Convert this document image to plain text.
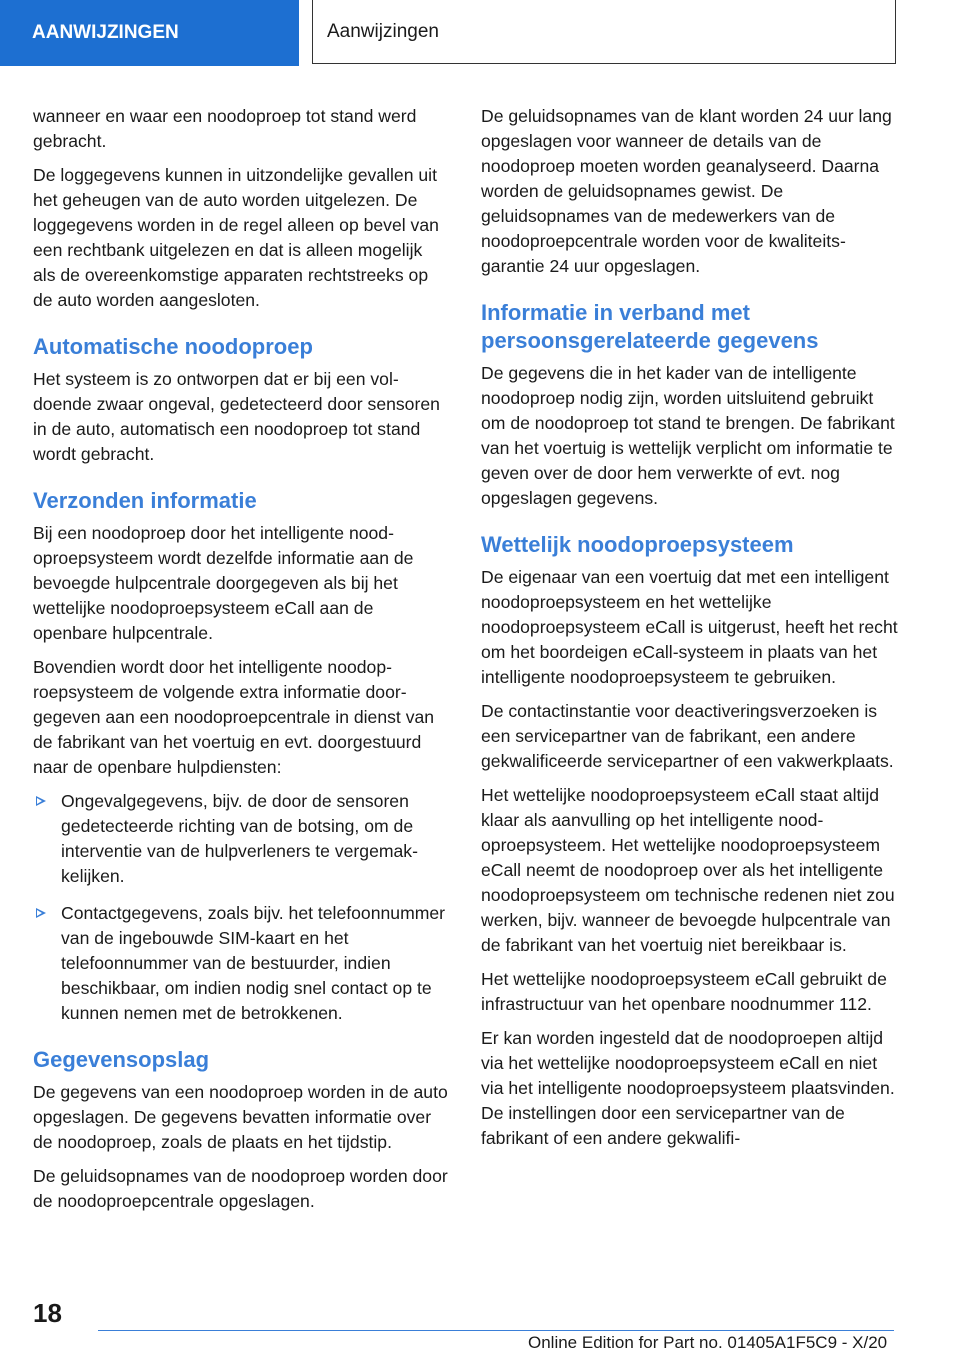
AANWIJZINGEN	Aanwijzingen

wanneer en waar een noodoproep tot stand werd gebracht.

De loggegevens kunnen in uitzondelijke gevallen uit het geheugen van de auto worden uitgelezen. De loggegevens worden in de regel alleen op bevel van een rechtbank uitgelezen en dat is alleen mogelijk als de overeenkomstige apparaten rechtstreeks op de auto worden aangesloten.

Automatische noodoproep

Het systeem is zo ontworpen dat er bij een voldoende zwaar ongeval, gedetecteerd door sensoren in de auto, automatisch een noodoproep tot stand wordt gebracht.

Verzonden informatie

Bij een noodoproep door het intelligente noodoproepsysteem wordt dezelfde informatie aan de bevoegde hulpcentrale doorgegeven als bij het wettelijke noodoproepsysteem eCall aan de openbare hulpcentrale.

Bovendien wordt door het intelligente noodoproepsysteem de volgende extra informatie doorgegeven aan een noodoproepcentrale in dienst van de fabrikant van het voertuig en evt. doorgestuurd naar de openbare hulpdiensten:

Ongevalgegevens, bijv. de door de sensoren gedetecteerde richting van de botsing, om de interventie van de hulpverleners te vergemakkelijken.
Contactgegevens, zoals bijv. het telefoonnummer van de ingebouwde SIM-kaart en het telefoonnummer van de bestuurder, indien beschikbaar, om indien nodig snel contact op te kunnen nemen met de betrokkenen.
Gegevensopslag

De gegevens van een noodoproep worden in de auto opgeslagen. De gegevens bevatten informatie over de noodoproep, zoals de plaats en het tijdstip.

De geluidsopnames van de noodoproep worden door de noodoproepcentrale opgeslagen.

De geluidsopnames van de klant worden 24 uur lang opgeslagen voor wanneer de details van de noodoproep moeten worden geanalyseerd. Daarna worden de geluidsopnames gewist. De geluidsopnames van de medewerkers van de noodoproepcentrale worden voor de kwaliteitsgarantie 24 uur opgeslagen.

Informatie in verband met persoonsgerelateerde gegevens

De gegevens die in het kader van de intelligente noodoproep nodig zijn, worden uitsluitend gebruikt om de noodoproep tot stand te brengen. De fabrikant van het voertuig is wettelijk verplicht om informatie te geven over de door hem verwerkte of evt. nog opgeslagen gegevens.

Wettelijk noodoproepsysteem

De eigenaar van een voertuig dat met een intelligent noodoproepsysteem en het wettelijke noodoproepsysteem eCall is uitgerust, heeft het recht om het boordeigen eCall-systeem in plaats van het intelligente noodoproepsysteem te gebruiken.

De contactinstantie voor deactiveringsverzoeken is een servicepartner van de fabrikant, een andere gekwalificeerde servicepartner of een vakwerkplaats.

Het wettelijke noodoproepsysteem eCall staat altijd klaar als aanvulling op het intelligente noodoproepsysteem. Het wettelijke noodoproepsysteem eCall neemt de noodoproep over als het intelligente noodoproepsysteem om technische redenen niet zou werken, bijv. wanneer de bevoegde hulpcentrale van de fabrikant van het voertuig niet bereikbaar is.

Het wettelijke noodoproepsysteem eCall gebruikt de infrastructuur van het openbare noodnummer 112.

Er kan worden ingesteld dat de noodoproepen altijd via het wettelijke noodoproepsysteem eCall en niet via het intelligente noodoproepsysteem plaatsvinden. De instellingen door een servicepartner van de fabrikant of een andere gekwalifi-

18
Online Edition for Part no. 01405A1F5C9 - X/20
